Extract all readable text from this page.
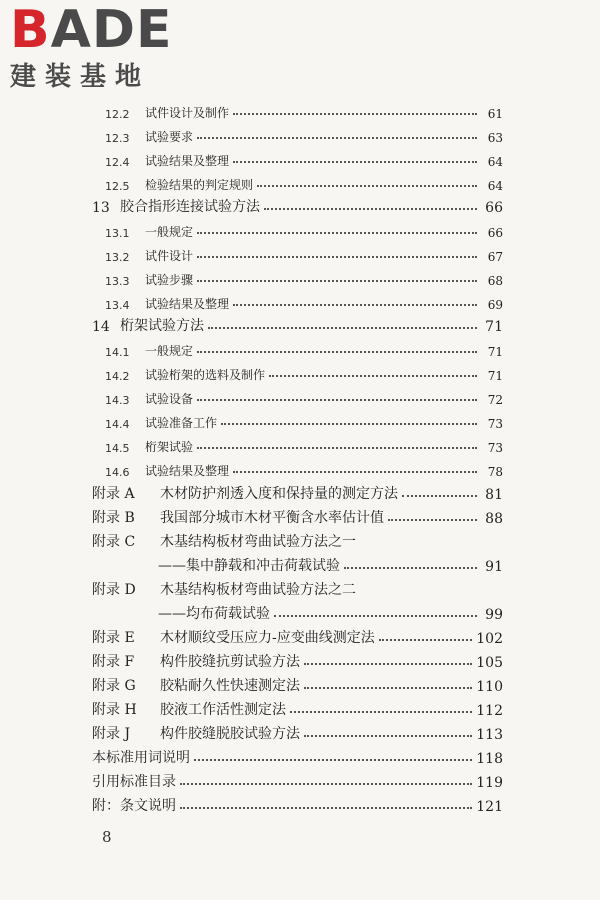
BADE
建装基地
12.2	试件设计及制作	61
12.3	试验要求	63
12.4	试验结果及整理	64
12.5	检验结果的判定规则	64
13 胶合指形连接试验方法	66
13.1	一般规定	66
13.2	试件设计	67
13.3	试验步骤	68
13.4	试验结果及整理	69
14 桁架试验方法	71
14.1	一般规定	71
14.2	试验桁架的选料及制作	71
14.3	试验设备	72
14.4	试验准备工作	73
14.5	桁架试验	73
14.6	试验结果及整理	78
附录 A	木材防护剂透入度和保持量的测定方法	81
附录 B	我国部分城市木材平衡含水率估计值	88
附录 C	木基结构板材弯曲试验方法之一
——集中静载和冲击荷载试验	91
附录 D	木基结构板材弯曲试验方法之二
——均布荷载试验	99
附录 E	木材顺纹受压应力-应变曲线测定法	102
附录 F	构件胶缝抗剪试验方法	105
附录 G	胶粘耐久性快速测定法	110
附录 H	胶液工作活性测定法	112
附录 J	构件胶缝脱胶试验方法	113
本标准用词说明	118
引用标准目录	119
附：条文说明	121
8
